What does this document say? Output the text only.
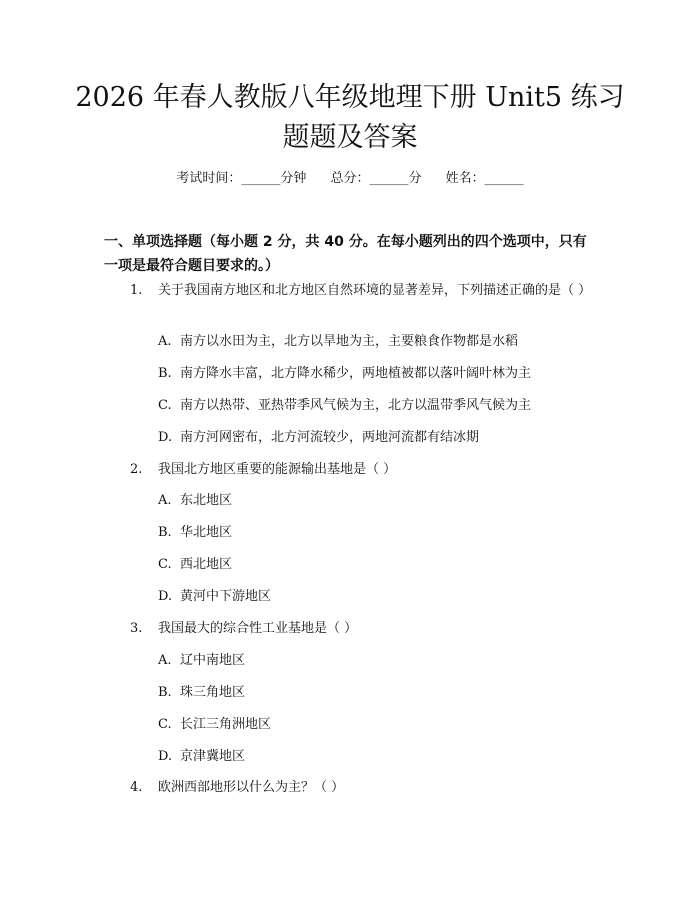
2026 年春人教版八年级地理下册 Unit5 练习
题题及答案
考试时间：______分钟 总分：______分 姓名：______
一、单项选择题（每小题 2 分，共 40 分。在每小题列出的四个选项中，只有一项是最符合题目要求的。）
1. 关于我国南方地区和北方地区自然环境的显著差异，下列描述正确的是（ ）
A. 南方以水田为主，北方以旱地为主，主要粮食作物都是水稻
B. 南方降水丰富，北方降水稀少，两地植被都以落叶阔叶林为主
C. 南方以热带、亚热带季风气候为主，北方以温带季风气候为主
D. 南方河网密布，北方河流较少，两地河流都有结冰期
2. 我国北方地区重要的能源输出基地是（ ）
A. 东北地区
B. 华北地区
C. 西北地区
D. 黄河中下游地区
3. 我国最大的综合性工业基地是（ ）
A. 辽中南地区
B. 珠三角地区
C. 长江三角洲地区
D. 京津冀地区
4. 欧洲西部地形以什么为主？（ ）
